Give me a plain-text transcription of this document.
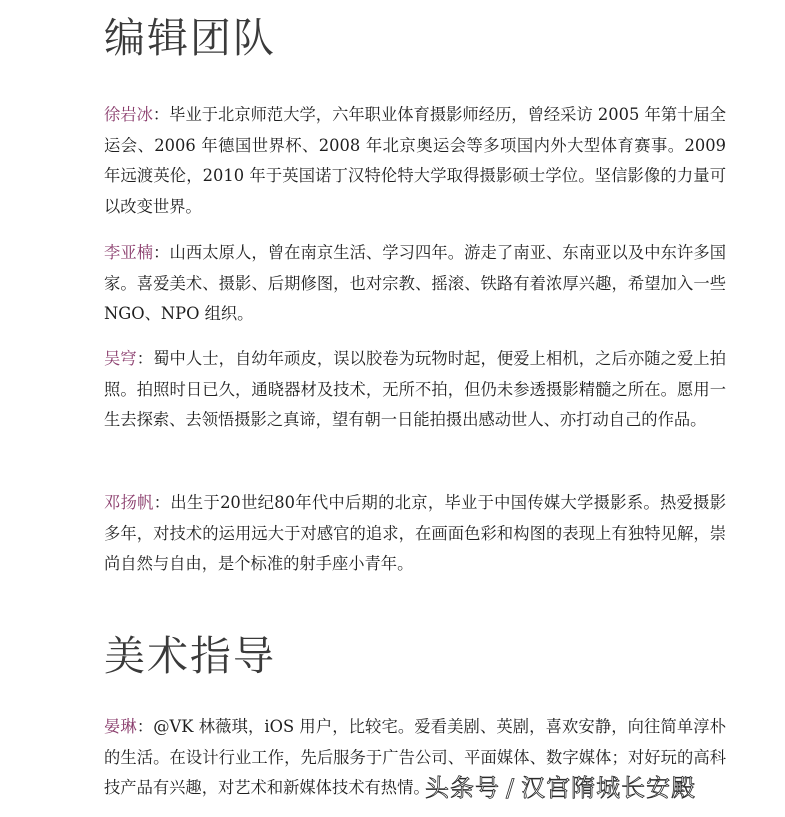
编辑团队

徐岩冰：毕业于北京师范大学，六年职业体育摄影师经历，曾经采访 2005 年第十届全运会、2006 年德国世界杯、2008 年北京奥运会等多项国内外大型体育赛事。2009 年远渡英伦，2010 年于英国诺丁汉特伦特大学取得摄影硕士学位。坚信影像的力量可以改变世界。

李亚楠：山西太原人，曾在南京生活、学习四年。游走了南亚、东南亚以及中东许多国家。喜爱美术、摄影、后期修图，也对宗教、摇滚、铁路有着浓厚兴趣，希望加入一些 NGO、NPO 组织。

吴穹：蜀中人士，自幼年顽皮，误以胶卷为玩物时起，便爱上相机，之后亦随之爱上拍照。拍照时日已久，通晓器材及技术，无所不拍，但仍未参透摄影精髓之所在。愿用一生去探索、去领悟摄影之真谛，望有朝一日能拍摄出感动世人、亦打动自己的作品。

邓扬帆：出生于20世纪80年代中后期的北京，毕业于中国传媒大学摄影系。热爱摄影多年，对技术的运用远大于对感官的追求，在画面色彩和构图的表现上有独特见解，崇尚自然与自由，是个标准的射手座小青年。

美术指导

晏琳：@VK 林薇琪，iOS 用户，比较宅。爱看美剧、英剧，喜欢安静，向往简单淳朴的生活。在设计行业工作，先后服务于广告公司、平面媒体、数字媒体；对好玩的高科技产品有兴趣，对艺术和新媒体技术有热情。

头条号 / 汉宫隋城长安殿
